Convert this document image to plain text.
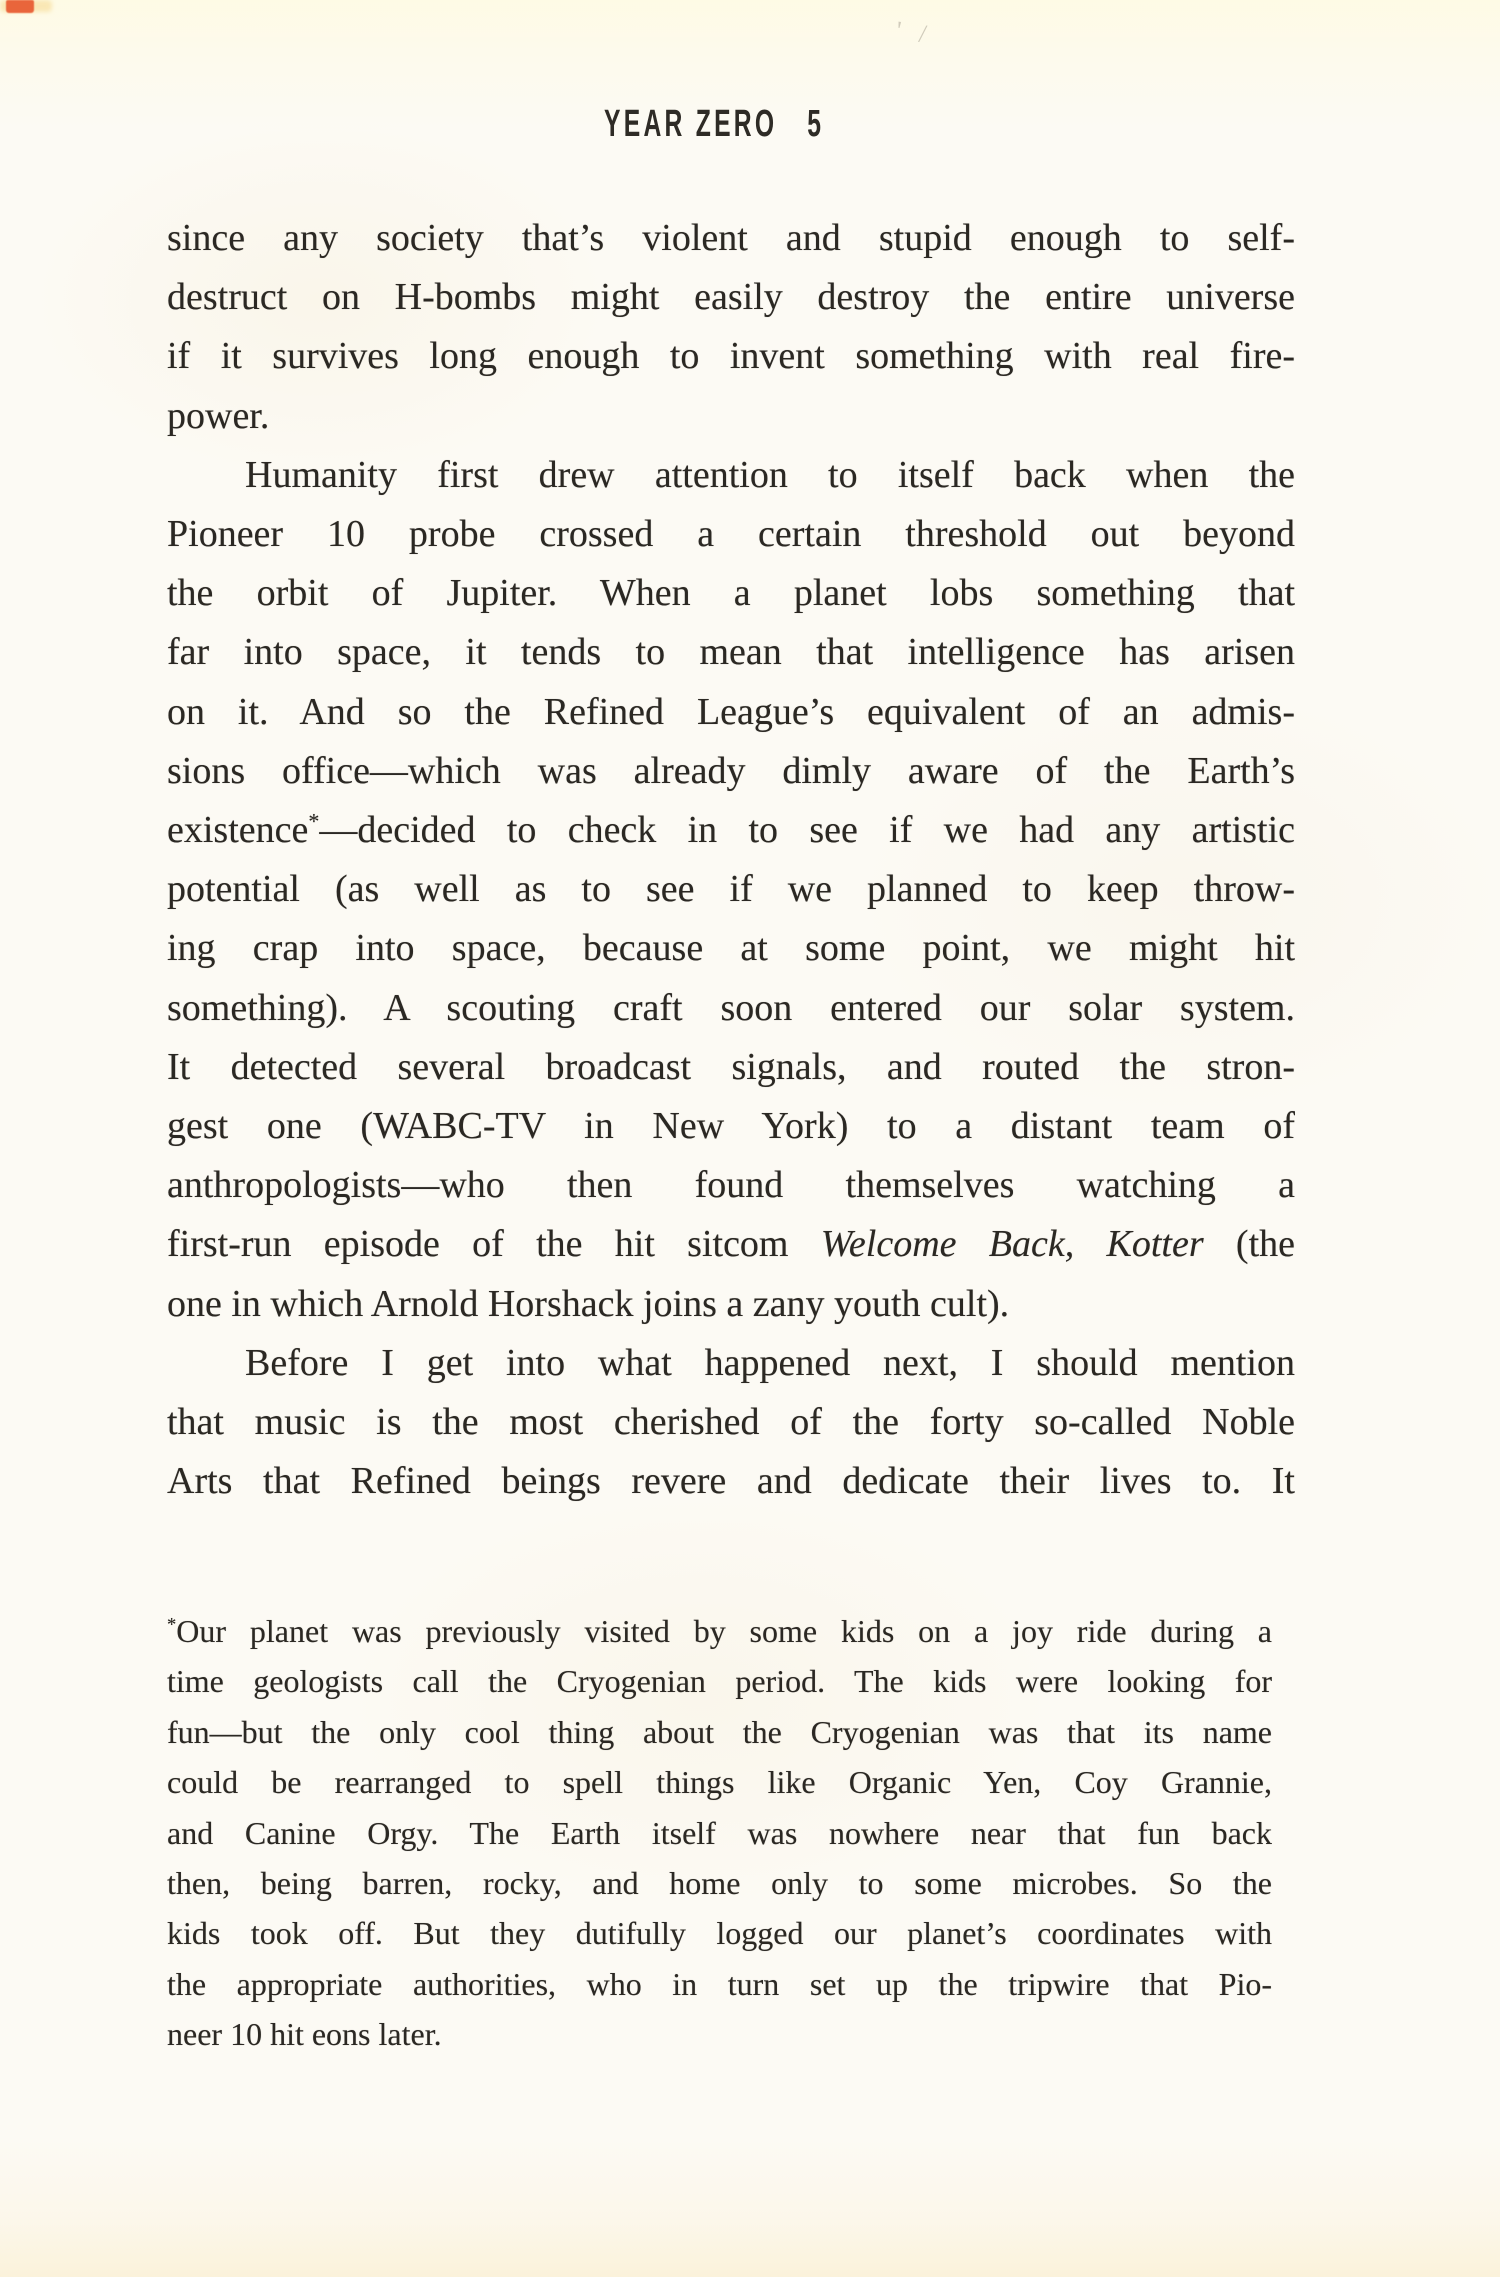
' /
YEAR ZERO 5
since any society that’s violent and stupid enough to self-
destruct on H-bombs might easily destroy the entire universe
if it survives long enough to invent something with real fire-
power.
Humanity first drew attention to itself back when the
Pioneer 10 probe crossed a certain threshold out beyond
the orbit of Jupiter. When a planet lobs something that
far into space, it tends to mean that intelligence has arisen
on it. And so the Refined League’s equivalent of an admis-
sions office—which was already dimly aware of the Earth’s
existence*—decided to check in to see if we had any artistic
potential (as well as to see if we planned to keep throw-
ing crap into space, because at some point, we might hit
something). A scouting craft soon entered our solar system.
It detected several broadcast signals, and routed the stron-
gest one (WABC-TV in New York) to a distant team of
anthropologists—who then found themselves watching a
first-run episode of the hit sitcom Welcome Back, Kotter (the
one in which Arnold Horshack joins a zany youth cult).
Before I get into what happened next, I should mention
that music is the most cherished of the forty so-called Noble
Arts that Refined beings revere and dedicate their lives to. It
*Our planet was previously visited by some kids on a joy ride during a
time geologists call the Cryogenian period. The kids were looking for
fun—but the only cool thing about the Cryogenian was that its name
could be rearranged to spell things like Organic Yen, Coy Grannie,
and Canine Orgy. The Earth itself was nowhere near that fun back
then, being barren, rocky, and home only to some microbes. So the
kids took off. But they dutifully logged our planet’s coordinates with
the appropriate authorities, who in turn set up the tripwire that Pio-
neer 10 hit eons later.
